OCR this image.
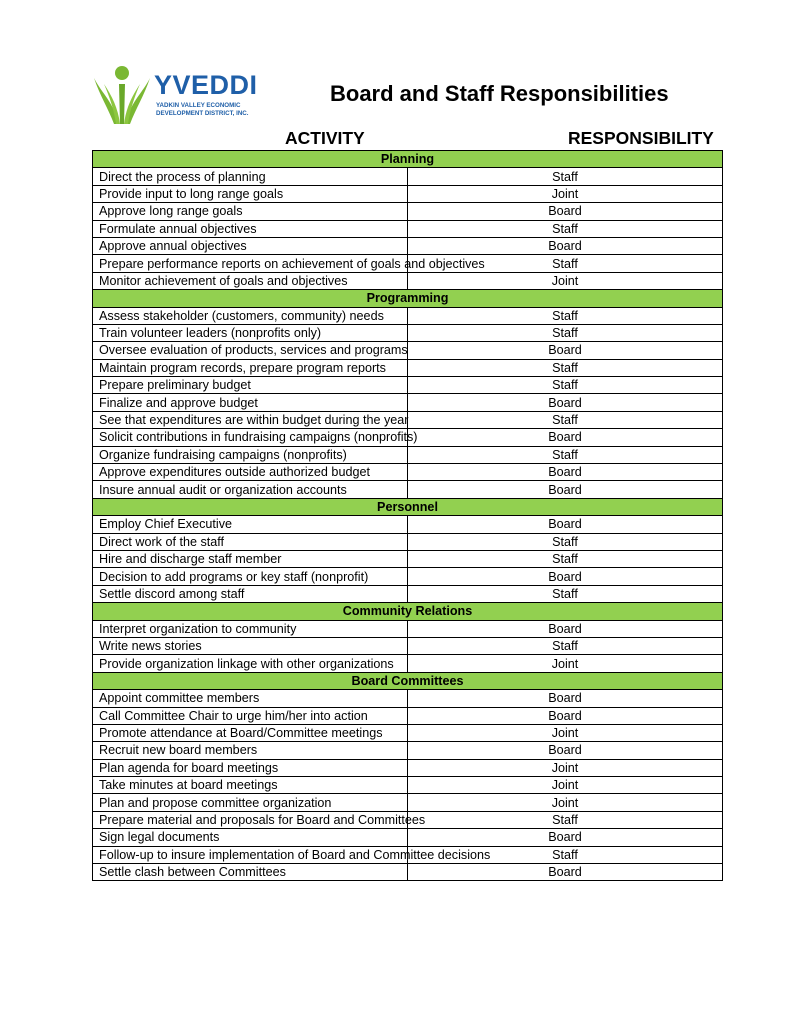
YVEDDI
YADKIN VALLEY ECONOMIC
DEVELOPMENT DISTRICT, INC.
Board and Staff Responsibilities
ACTIVITY	RESPONSIBILITY
Planning	
Direct the process of planning	Staff
Provide input to long range goals	Joint
Approve long range goals	Board
Formulate annual objectives	Staff
Approve annual objectives	Board
Prepare performance reports on achievement of goals and objectives	Staff
Monitor achievement of goals and objectives	Joint
Programming	
Assess stakeholder (customers, community) needs	Staff
Train volunteer leaders (nonprofits only)	Staff
Oversee evaluation of products, services and programs	Board
Maintain program records, prepare program reports	Staff
Prepare preliminary budget	Staff
Finalize and approve budget	Board
See that expenditures are within budget during the year	Staff
Solicit contributions in fundraising campaigns (nonprofits)	Board
Organize fundraising campaigns (nonprofits)	Staff
Approve expenditures outside authorized budget	Board
Insure annual audit or organization accounts	Board
Personnel	
Employ Chief Executive	Board
Direct work of the staff	Staff
Hire and discharge staff member	Staff
Decision to add programs or key staff (nonprofit)	Board
Settle discord among staff	Staff
Community Relations	
Interpret organization to community	Board
Write news stories	Staff
Provide organization linkage with other organizations	Joint
Board Committees	
Appoint committee members	Board
Call Committee Chair to urge him/her into action	Board
Promote attendance at Board/Committee meetings	Joint
Recruit new board members	Board
Plan agenda for board meetings	Joint
Take minutes at board meetings	Joint
Plan and propose committee organization	Joint
Prepare material and proposals for Board and Committees	Staff
Sign legal documents	Board
Follow-up to insure implementation of Board and Committee decisions	Staff
Settle clash between Committees	Board
